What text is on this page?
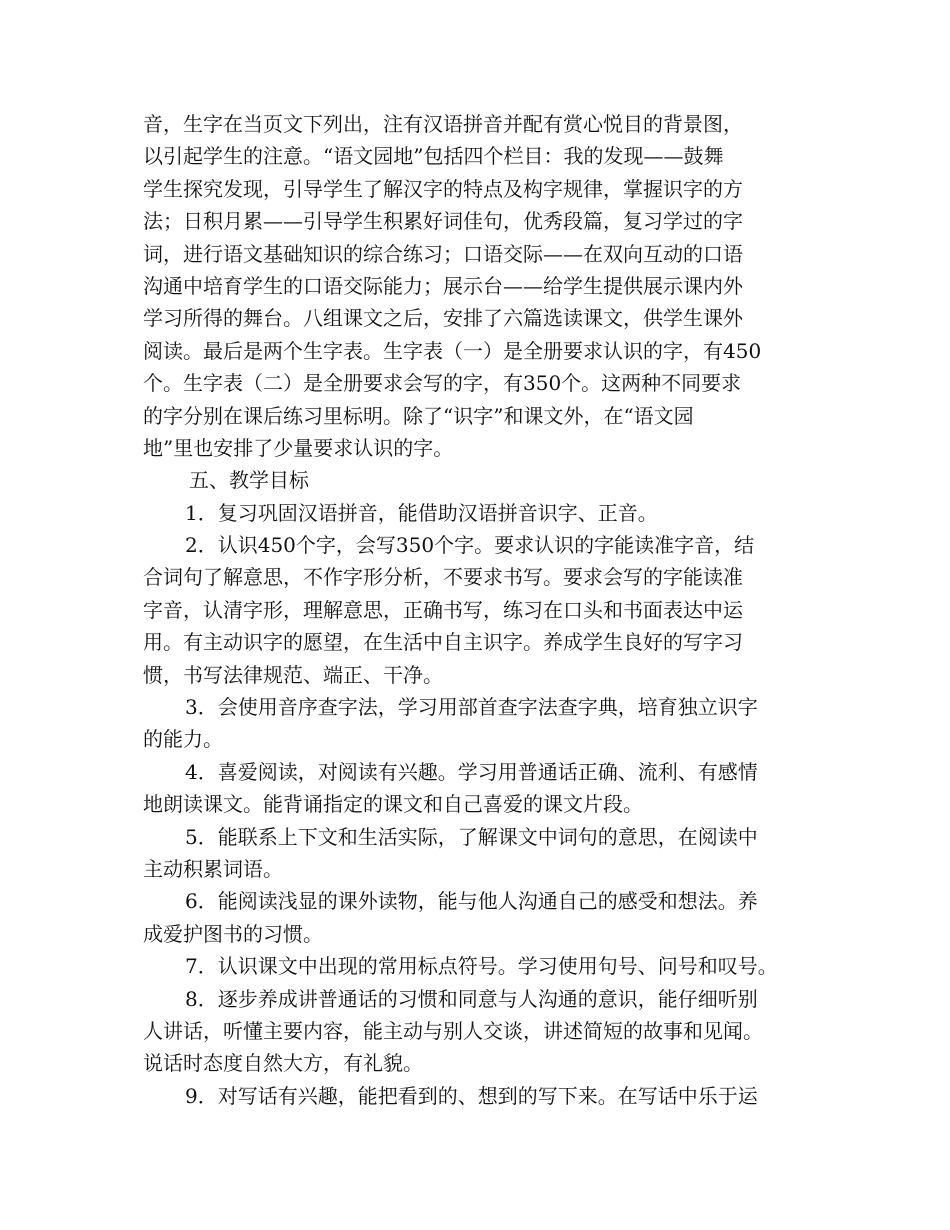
音，生字在当页文下列出，注有汉语拼音并配有赏心悦目的背景图，
以引起学生的注意。“语文园地”包括四个栏目：我的发现——鼓舞
学生探究发现，引导学生了解汉字的特点及构字规律，掌握识字的方
法；日积月累——引导学生积累好词佳句，优秀段篇，复习学过的字
词，进行语文基础知识的综合练习；口语交际——在双向互动的口语
沟通中培育学生的口语交际能力；展示台——给学生提供展示课内外
学习所得的舞台。八组课文之后，安排了六篇选读课文，供学生课外
阅读。最后是两个生字表。生字表（一）是全册要求认识的字，有450
个。生字表（二）是全册要求会写的字，有350个。这两种不同要求
的字分别在课后练习里标明。除了“识字”和课文外，在“语文园
地”里也安排了少量要求认识的字。
五、教学目标
1．复习巩固汉语拼音，能借助汉语拼音识字、正音。
2．认识450个字，会写350个字。要求认识的字能读准字音，结
合词句了解意思，不作字形分析，不要求书写。要求会写的字能读准
字音，认清字形，理解意思，正确书写，练习在口头和书面表达中运
用。有主动识字的愿望，在生活中自主识字。养成学生良好的写字习
惯，书写法律规范、端正、干净。
3．会使用音序查字法，学习用部首查字法查字典，培育独立识字
的能力。
4．喜爱阅读，对阅读有兴趣。学习用普通话正确、流利、有感情
地朗读课文。能背诵指定的课文和自己喜爱的课文片段。
5．能联系上下文和生活实际，了解课文中词句的意思，在阅读中
主动积累词语。
6．能阅读浅显的课外读物，能与他人沟通自己的感受和想法。养
成爱护图书的习惯。
7．认识课文中出现的常用标点符号。学习使用句号、问号和叹号。
8．逐步养成讲普通话的习惯和同意与人沟通的意识，能仔细听别
人讲话，听懂主要内容，能主动与别人交谈，讲述简短的故事和见闻。
说话时态度自然大方，有礼貌。
9．对写话有兴趣，能把看到的、想到的写下来。在写话中乐于运
